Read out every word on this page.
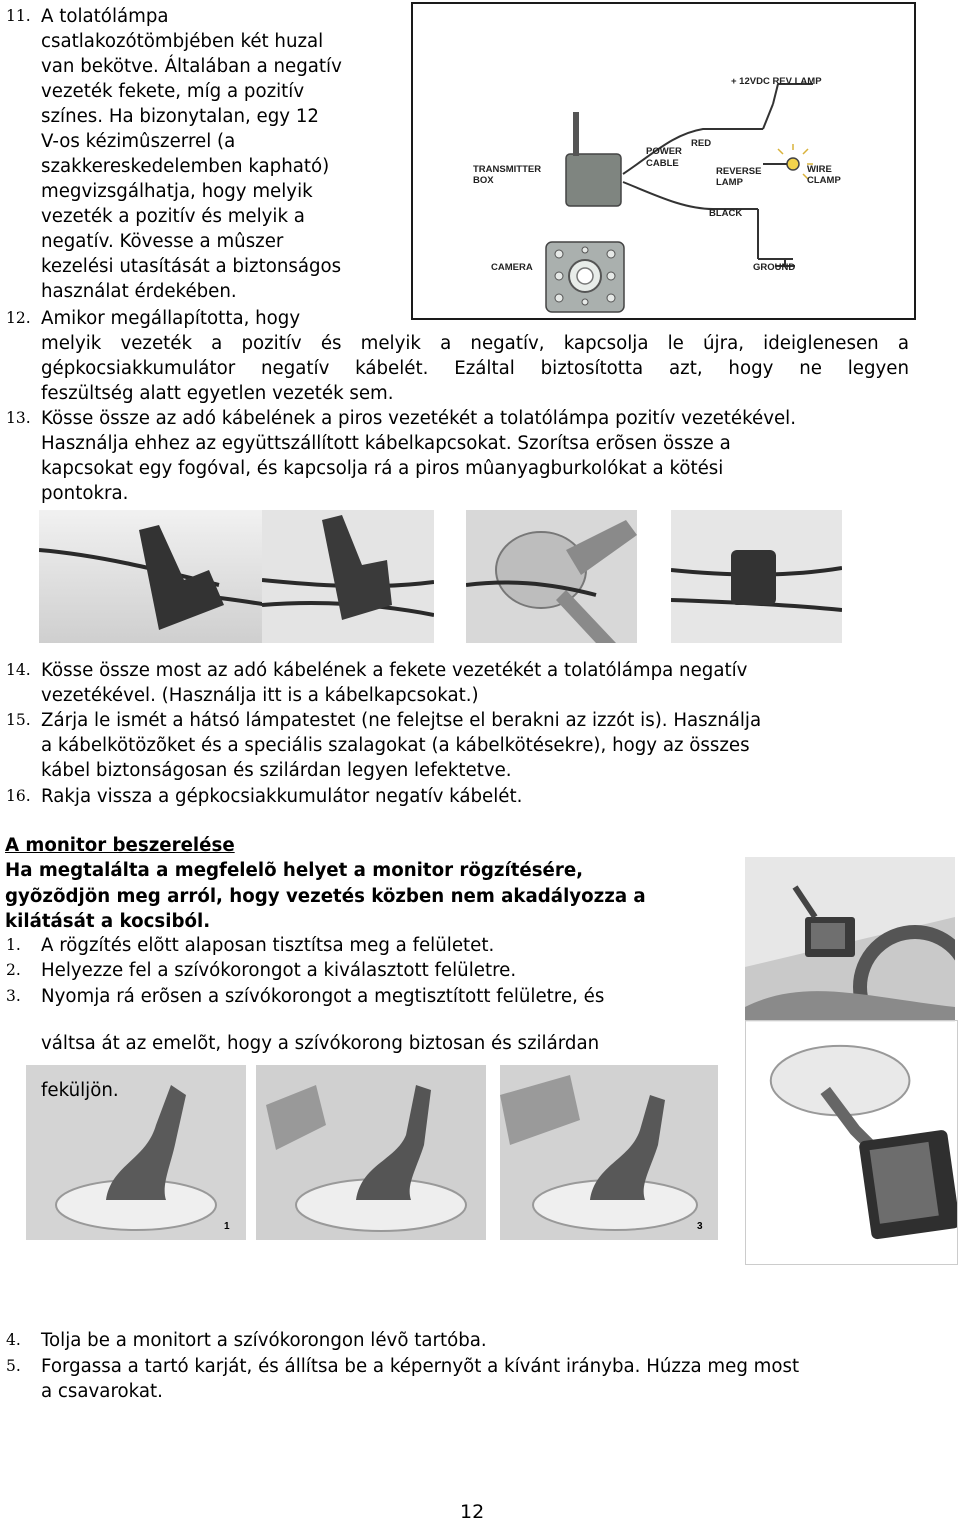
11. A tolatólámpa

csatlakozótömbjében két huzal

van bekötve. Általában a negatív

vezeték fekete, míg a pozitív

színes. Ha bizonytalan, egy 12

V-os kézimûszerrel (a

szakkereskedelemben kapható)

megvizsgálhatja, hogy melyik

vezeték a pozitív és melyik a

negatív. Kövesse a mûszer

kezelési utasítását a biztonságos

használat érdekében.

12. Amikor megállapította, hogy

melyik vezeték a pozitív és melyik a negatív, kapcsolja le újra, ideiglenesen a

gépkocsiakkumulátor negatív kábelét. Ezáltal biztosította azt, hogy ne legyen

feszültség alatt egyetlen vezeték sem.

13. Kösse össze az adó kábelének a piros vezetékét a tolatólámpa pozitív vezetékével.

Használja ehhez az együttszállított kábelkapcsokat. Szorítsa erõsen össze a

kapcsokat egy fogóval, és kapcsolja rá a piros mûanyagburkolókat a kötési

pontokra.

+ 12VDC REV LAMP
POWER
CABLE
RED
TRANSMITTER
BOX
REVERSE
LAMP
WIRE
CLAMP
BLACK
CAMERA	GROUND
14. Kösse össze most az adó kábelének a fekete vezetékét a tolatólámpa negatív

vezetékével. (Használja itt is a kábelkapcsokat.)

15. Zárja le ismét a hátsó lámpatestet (ne felejtse el berakni az izzót is). Használja

a kábelkötözõket és a speciális szalagokat (a kábelkötésekre), hogy az összes

kábel biztonságosan és szilárdan legyen lefektetve.

16. Rakja vissza a gépkocsiakkumulátor negatív kábelét.

A monitor beszerelése

Ha megtalálta a megfelelõ helyet a monitor rögzítésére,

gyõzõdjön meg arról, hogy vezetés közben nem akadályozza a

kilátását a kocsiból.

1. A rögzítés elõtt alaposan tisztítsa meg a felületet.

2. Helyezze fel a szívókorongot a kiválasztott felületre.

3. Nyomja rá erõsen a szívókorongot a megtisztított felületre, és

váltsa át az emelõt, hogy a szívókorong biztosan és szilárdan

1	3

feküljön.

4. Tolja be a monitort a szívókorongon lévõ tartóba.

5. Forgassa a tartó karját, és állítsa be a képernyõt a kívánt irányba. Húzza meg most

a csavarokat.

12
